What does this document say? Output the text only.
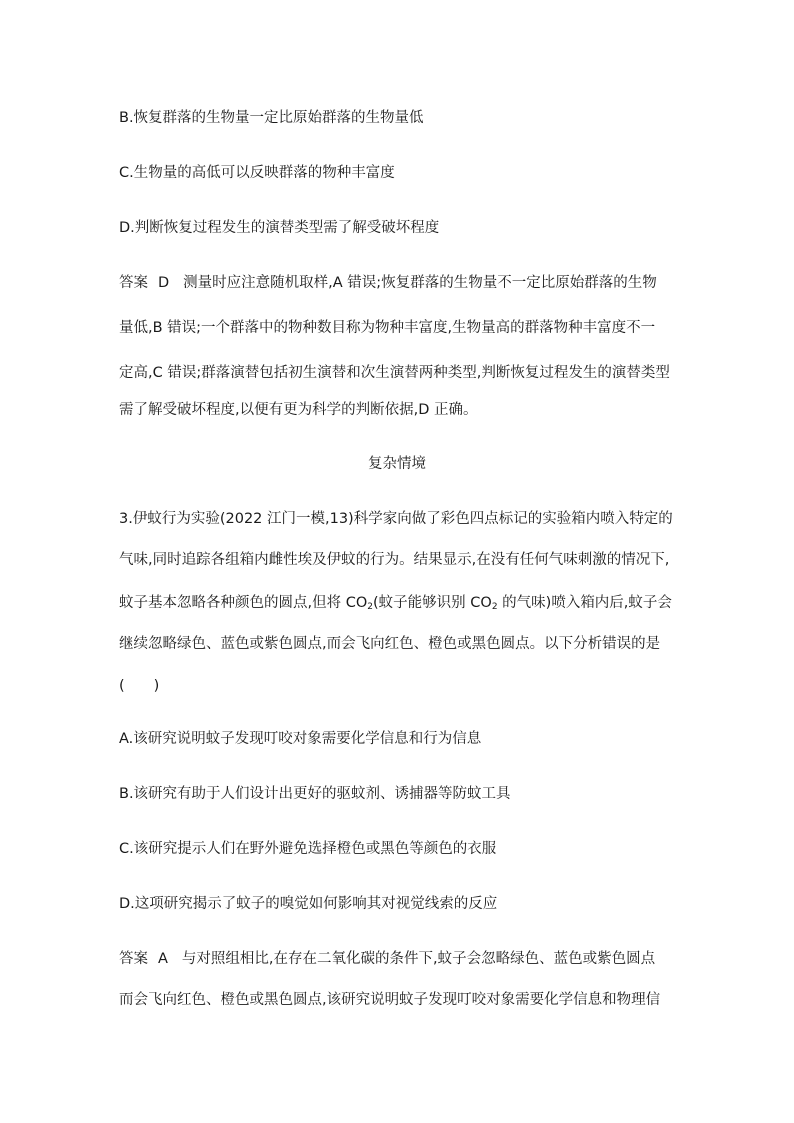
B.恢复群落的生物量一定比原始群落的生物量低
C.生物量的高低可以反映群落的物种丰富度
D.判断恢复过程发生的演替类型需了解受破坏程度
答案 D 测量时应注意随机取样,A 错误;恢复群落的生物量不一定比原始群落的生物
量低,B 错误;一个群落中的物种数目称为物种丰富度,生物量高的群落物种丰富度不一
定高,C 错误;群落演替包括初生演替和次生演替两种类型,判断恢复过程发生的演替类型
需了解受破坏程度,以便有更为科学的判断依据,D 正确。
复杂情境
3.伊蚊行为实验(2022 江门一模,13)科学家向做了彩色四点标记的实验箱内喷入特定的
气味,同时追踪各组箱内雌性埃及伊蚊的行为。结果显示,在没有任何气味刺激的情况下,
蚊子基本忽略各种颜色的圆点,但将 $CO_2$(蚊子能够识别 $CO_2$ 的气味)喷入箱内后,蚊子会
继续忽略绿色、蓝色或紫色圆点,而会飞向红色、橙色或黑色圆点。以下分析错误的是
(　　)
A.该研究说明蚊子发现叮咬对象需要化学信息和行为信息
B.该研究有助于人们设计出更好的驱蚊剂、诱捕器等防蚊工具
C.该研究提示人们在野外避免选择橙色或黑色等颜色的衣服
D.这项研究揭示了蚊子的嗅觉如何影响其对视觉线索的反应
答案 A 与对照组相比,在存在二氧化碳的条件下,蚊子会忽略绿色、蓝色或紫色圆点
而会飞向红色、橙色或黑色圆点,该研究说明蚊子发现叮咬对象需要化学信息和物理信
